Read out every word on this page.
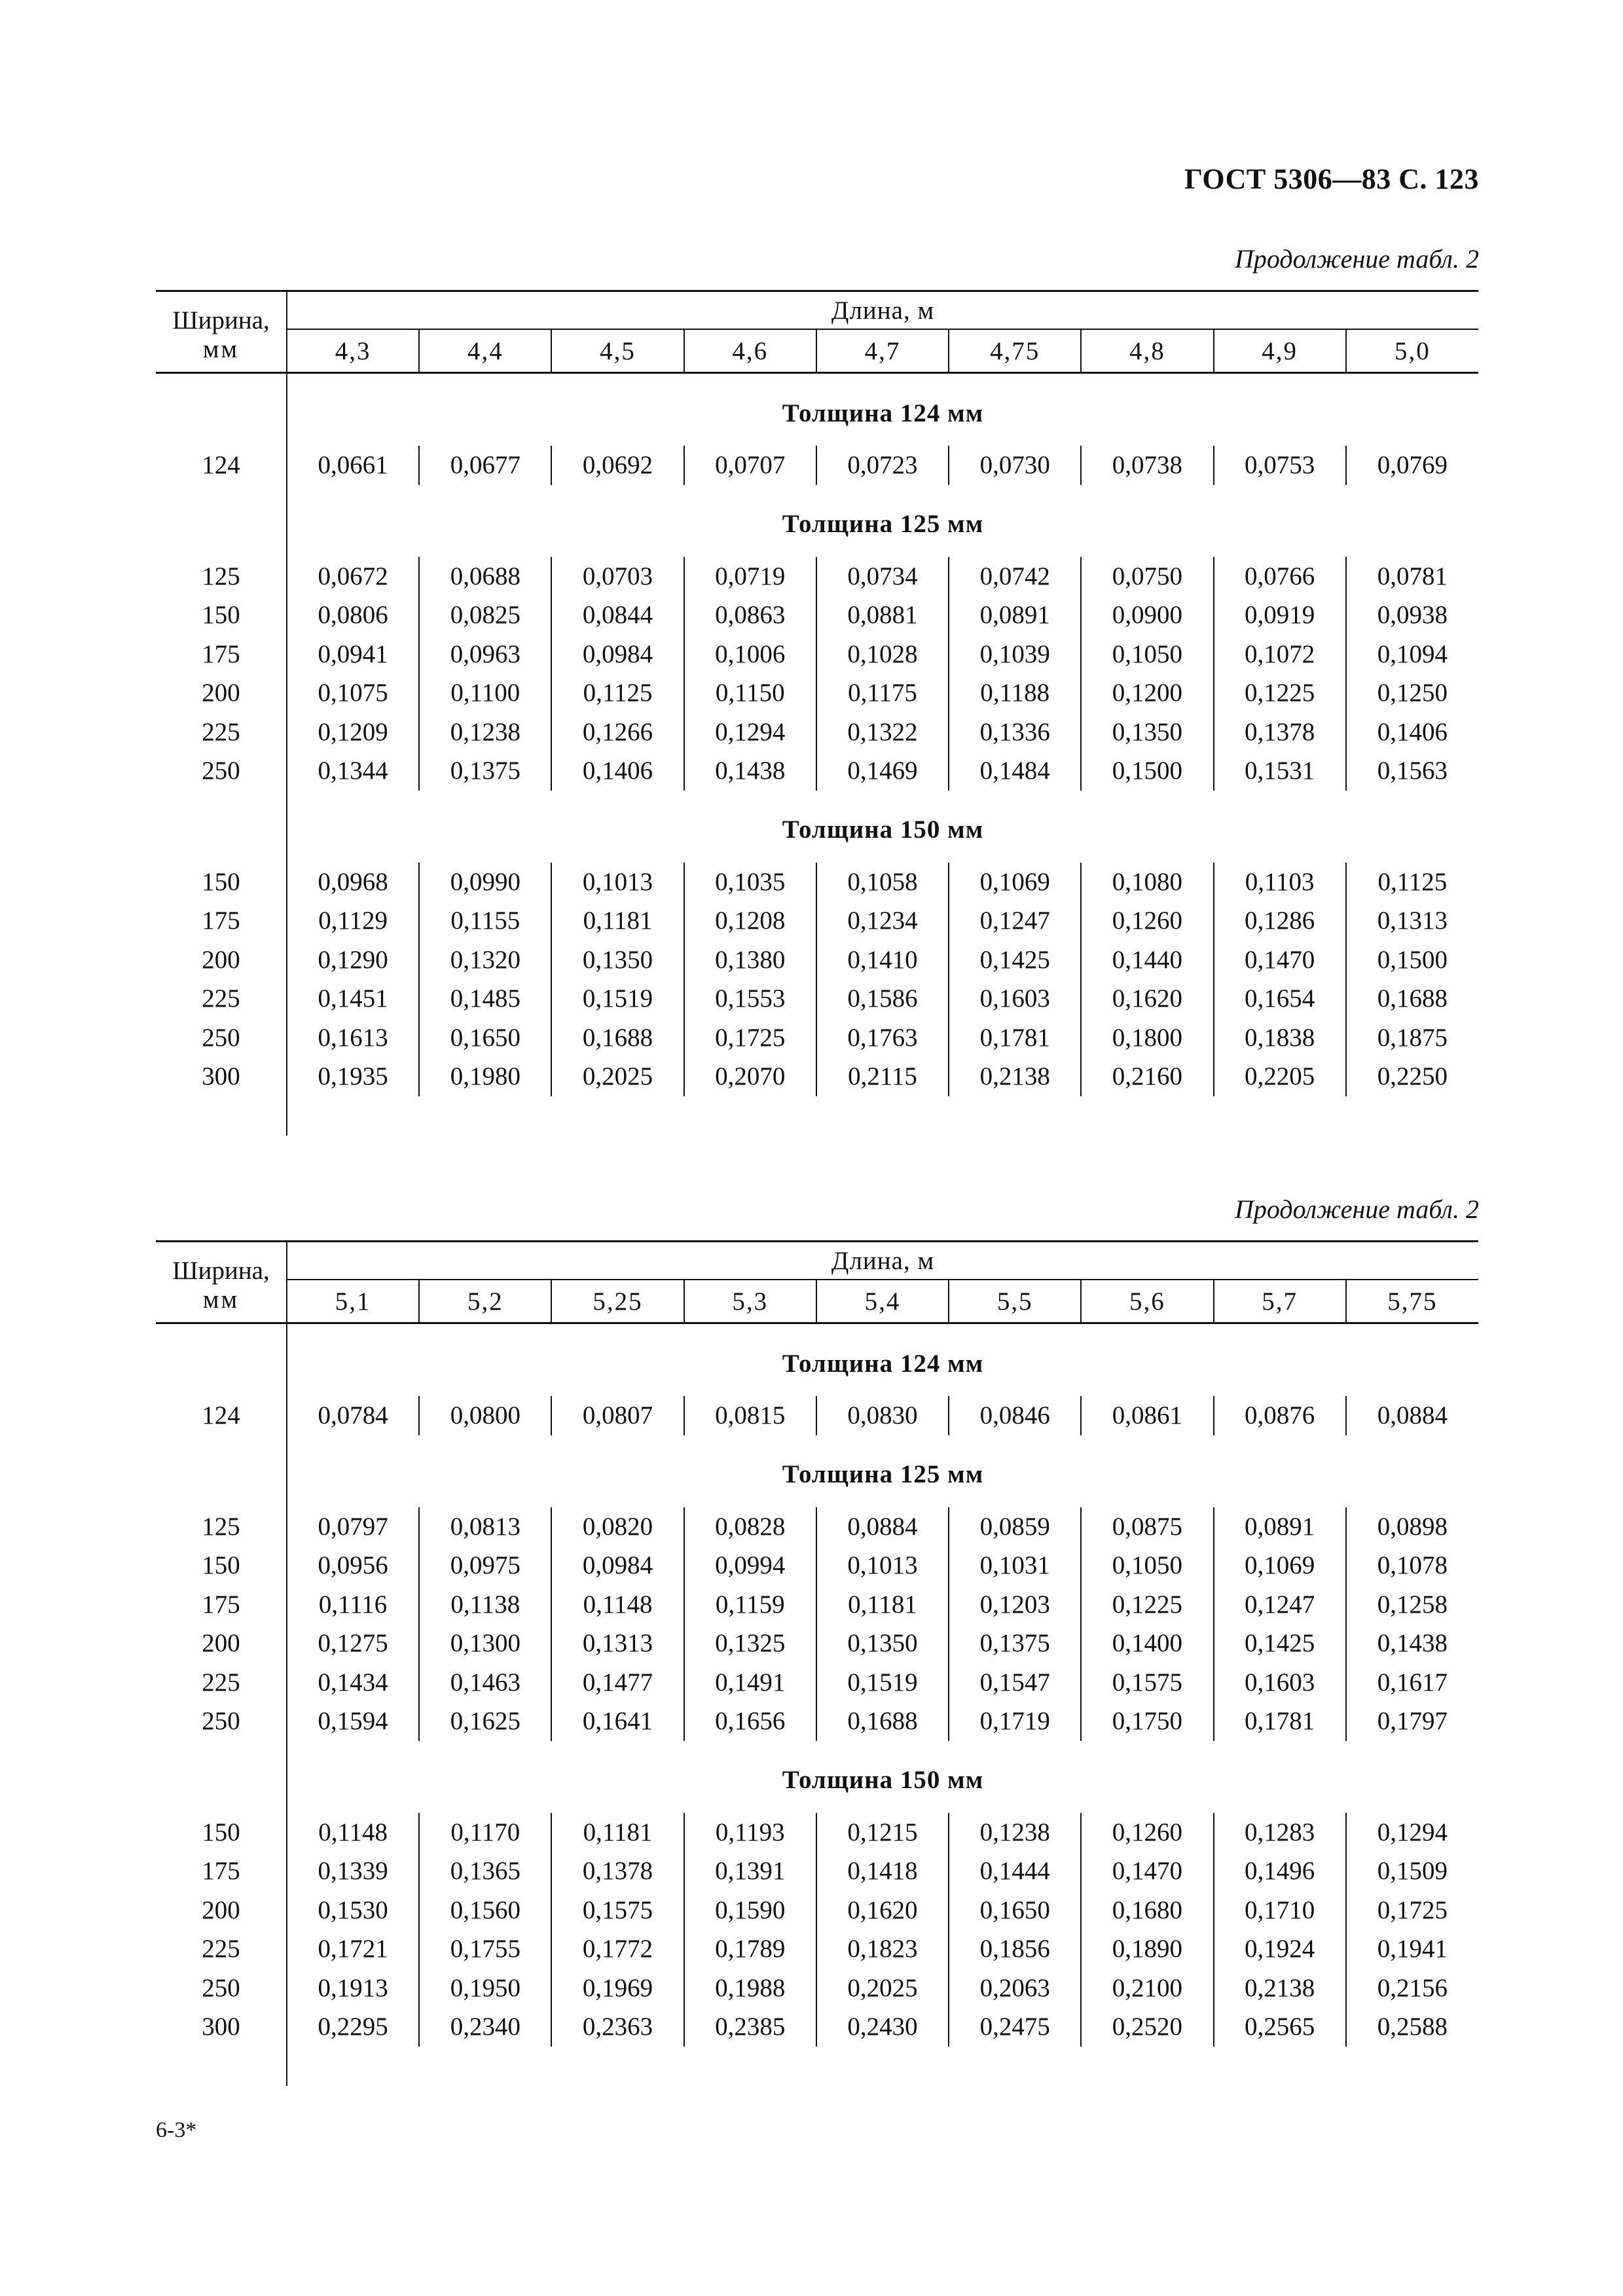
ГОСТ 5306—83 С. 123
Продолжение табл. 2
Ширина,
мм	Длина, м								
	4,3	4,4	4,5	4,6	4,7	4,75	4,8	4,9	5,0
	Толщина 124 мм								
124	0,0661	0,0677	0,0692	0,0707	0,0723	0,0730	0,0738	0,0753	0,0769
	Толщина 125 мм								
125	0,0672	0,0688	0,0703	0,0719	0,0734	0,0742	0,0750	0,0766	0,0781
150	0,0806	0,0825	0,0844	0,0863	0,0881	0,0891	0,0900	0,0919	0,0938
175	0,0941	0,0963	0,0984	0,1006	0,1028	0,1039	0,1050	0,1072	0,1094
200	0,1075	0,1100	0,1125	0,1150	0,1175	0,1188	0,1200	0,1225	0,1250
225	0,1209	0,1238	0,1266	0,1294	0,1322	0,1336	0,1350	0,1378	0,1406
250	0,1344	0,1375	0,1406	0,1438	0,1469	0,1484	0,1500	0,1531	0,1563
	Толщина 150 мм								
150	0,0968	0,0990	0,1013	0,1035	0,1058	0,1069	0,1080	0,1103	0,1125
175	0,1129	0,1155	0,1181	0,1208	0,1234	0,1247	0,1260	0,1286	0,1313
200	0,1290	0,1320	0,1350	0,1380	0,1410	0,1425	0,1440	0,1470	0,1500
225	0,1451	0,1485	0,1519	0,1553	0,1586	0,1603	0,1620	0,1654	0,1688
250	0,1613	0,1650	0,1688	0,1725	0,1763	0,1781	0,1800	0,1838	0,1875
300	0,1935	0,1980	0,2025	0,2070	0,2115	0,2138	0,2160	0,2205	0,2250

Продолжение табл. 2
Ширина,
мм	Длина, м								
	5,1	5,2	5,25	5,3	5,4	5,5	5,6	5,7	5,75
	Толщина 124 мм								
124	0,0784	0,0800	0,0807	0,0815	0,0830	0,0846	0,0861	0,0876	0,0884
	Толщина 125 мм								
125	0,0797	0,0813	0,0820	0,0828	0,0884	0,0859	0,0875	0,0891	0,0898
150	0,0956	0,0975	0,0984	0,0994	0,1013	0,1031	0,1050	0,1069	0,1078
175	0,1116	0,1138	0,1148	0,1159	0,1181	0,1203	0,1225	0,1247	0,1258
200	0,1275	0,1300	0,1313	0,1325	0,1350	0,1375	0,1400	0,1425	0,1438
225	0,1434	0,1463	0,1477	0,1491	0,1519	0,1547	0,1575	0,1603	0,1617
250	0,1594	0,1625	0,1641	0,1656	0,1688	0,1719	0,1750	0,1781	0,1797
	Толщина 150 мм								
150	0,1148	0,1170	0,1181	0,1193	0,1215	0,1238	0,1260	0,1283	0,1294
175	0,1339	0,1365	0,1378	0,1391	0,1418	0,1444	0,1470	0,1496	0,1509
200	0,1530	0,1560	0,1575	0,1590	0,1620	0,1650	0,1680	0,1710	0,1725
225	0,1721	0,1755	0,1772	0,1789	0,1823	0,1856	0,1890	0,1924	0,1941
250	0,1913	0,1950	0,1969	0,1988	0,2025	0,2063	0,2100	0,2138	0,2156
300	0,2295	0,2340	0,2363	0,2385	0,2430	0,2475	0,2520	0,2565	0,2588

6-3*
